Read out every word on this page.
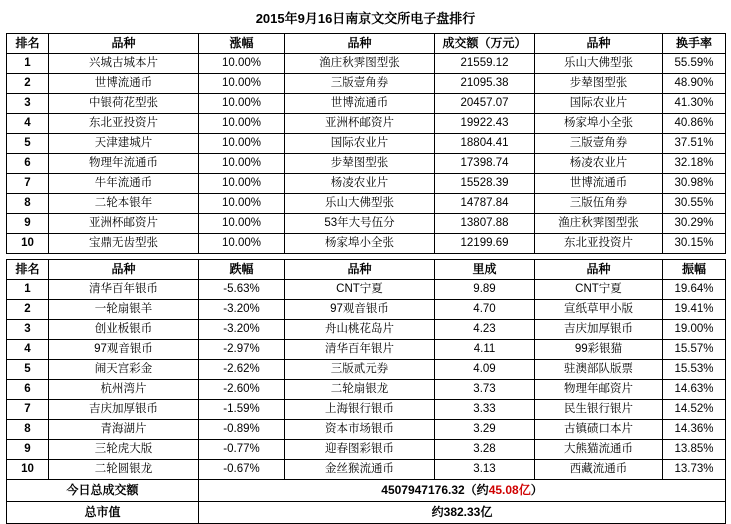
2015年9月16日南京文交所电子盘排行
排名	品种	涨幅	品种	成交额（万元）	品种	换手率
1	兴城古城本片	10.00%	渔庄秋霁图型张	21559.12	乐山大佛型张	55.59%
2	世博流通币	10.00%	三版壹角券	21095.38	步辇图型张	48.90%
3	中银荷花型张	10.00%	世博流通币	20457.07	国际农业片	41.30%
4	东北亚投资片	10.00%	亚洲杯邮资片	19922.43	杨家埠小全张	40.86%
5	天津建城片	10.00%	国际农业片	18804.41	三版壹角券	37.51%
6	物理年流通币	10.00%	步辇图型张	17398.74	杨凌农业片	32.18%
7	牛年流通币	10.00%	杨凌农业片	15528.39	世博流通币	30.98%
8	二轮本银年	10.00%	乐山大佛型张	14787.84	三版伍角券	30.55%
9	亚洲杯邮资片	10.00%	53年大号伍分	13807.88	渔庄秋霁图型张	30.29%
10	宝鼎无齿型张	10.00%	杨家埠小全张	12199.69	东北亚投资片	30.15%
排名	品种	跌幅	品种	里成	品种	振幅
1	清华百年银币	-5.63%	CNT宁夏	9.89	CNT宁夏	19.64%
2	一轮扇银羊	-3.20%	97观音银币	4.70	宣纸草甲小版	19.41%
3	创业板银币	-3.20%	舟山桃花岛片	4.23	吉庆加厚银币	19.00%
4	97观音银币	-2.97%	清华百年银片	4.11	99彩银猫	15.57%
5	闹天宫彩金	-2.62%	三版贰元券	4.09	驻澳部队版票	15.53%
6	杭州湾片	-2.60%	二轮扇银龙	3.73	物理年邮资片	14.63%
7	吉庆加厚银币	-1.59%	上海银行银币	3.33	民生银行银片	14.52%
8	青海湖片	-0.89%	资本市场银币	3.29	古镇碛口本片	14.36%
9	三轮虎大版	-0.77%	迎春图彩银币	3.28	大熊猫流通币	13.85%
10	二轮圆银龙	-0.67%	金丝猴流通币	3.13	西藏流通币	13.73%
今日总成交额	4507947176.32（约45.08亿）
总市值	约382.33亿
